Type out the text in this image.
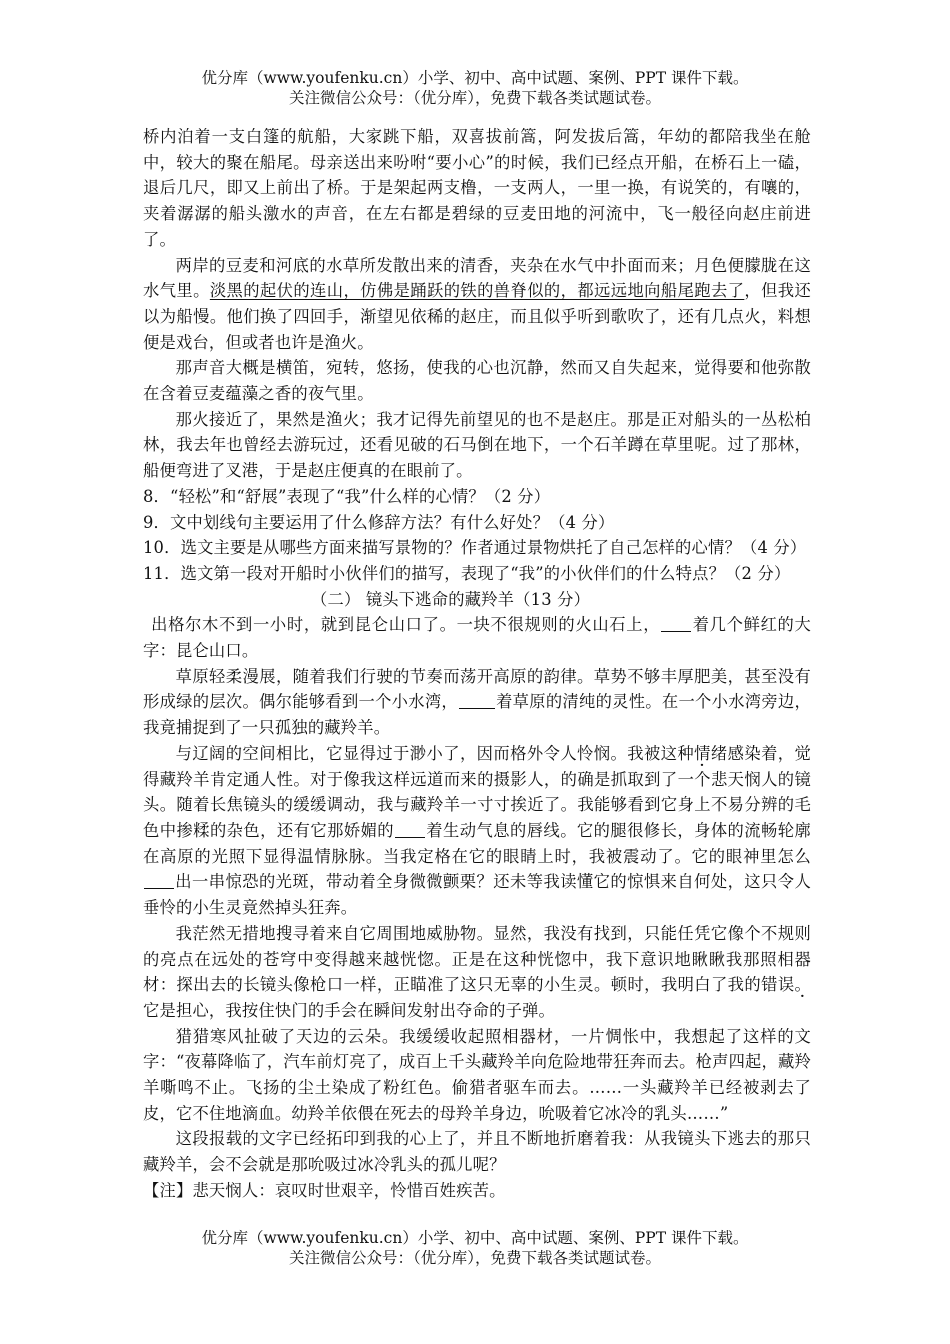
优分库（www.youfenku.cn）小学、初中、高中试题、案例、PPT 课件下载。
关注微信公众号：（优分库），免费下载各类试题试卷。

桥内泊着一支白篷的航船，大家跳下船，双喜拔前篙，阿发拔后篙，年幼的都陪我坐在舱中，较大的聚在船尾。母亲送出来吩咐“要小心”的时候，我们已经点开船，在桥石上一磕，退后几尺，即又上前出了桥。于是架起两支橹，一支两人，一里一换，有说笑的，有嚷的，夹着潺潺的船头激水的声音，在左右都是碧绿的豆麦田地的河流中，飞一般径向赵庄前进了。

两岸的豆麦和河底的水草所发散出来的清香，夹杂在水气中扑面而来；月色便朦胧在这水气里。淡黑的起伏的连山，仿佛是踊跃的铁的兽脊似的，都远远地向船尾跑去了，但我还以为船慢。他们换了四回手，渐望见依稀的赵庄，而且似乎听到歌吹了，还有几点火，料想便是戏台，但或者也许是渔火。

那声音大概是横笛，宛转，悠扬，使我的心也沉静，然而又自失起来，觉得要和他弥散在含着豆麦蕴藻之香的夜气里。

那火接近了，果然是渔火；我才记得先前望见的也不是赵庄。那是正对船头的一丛松柏林，我去年也曾经去游玩过，还看见破的石马倒在地下，一个石羊蹲在草里呢。过了那林，船便弯进了叉港，于是赵庄便真的在眼前了。

8．“轻松”和“舒展”表现了“我”什么样的心情？（2 分）

9．文中划线句主要运用了什么修辞方法？有什么好处？（4 分）

10．选文主要是从哪些方面来描写景物的？作者通过景物烘托了自己怎样的心情？（4 分）

11．选文第一段对开船时小伙伴们的描写，表现了“我”的小伙伴们的什么特点？（2 分）

（二） 镜头下逃命的藏羚羊（13 分）

出格尔木不到一小时，就到昆仑山口了。一块不很规则的火山石上， 着几个鲜红的大字：昆仑山口。

草原轻柔漫展，随着我们行驶的节奏而荡开高原的韵律。草势不够丰厚肥美，甚至没有形成绿的层次。偶尔能够看到一个小水湾， 着草原的清纯的灵性。在一个小水湾旁边，我竟捕捉到了一只孤独的藏羚羊。

与辽阔的空间相比，它显得过于渺小了，因而格外令人怜悯。我被这种情绪感染着，觉得藏羚羊肯定通人性。对于像我这样远道而来的摄影人，的确是抓取到了一个悲天悯人的镜头。随着长焦镜头的缓缓调动，我与藏羚羊一寸寸挨近了。我能够看到它身上不易分辨的毛色中掺糅的杂色，还有它那娇媚的 着生动气息的唇线。它的腿很修长，身体的流畅轮廓在高原的光照下显得温情脉脉。当我定格在它的眼睛上时，我被震动了。它的眼神里怎么出一串惊恐的光斑，带动着全身微微颤栗？还未等我读懂它的惊惧来自何处，这只令人垂怜的小生灵竟然掉头狂奔。

我茫然无措地搜寻着来自它周围地威胁物。显然，我没有找到，只能任凭它像个不规则的亮点在远处的苍穹中变得越来越恍惚。正是在这种恍惚中，我下意识地瞅瞅我那照相器材：探出去的长镜头像枪口一样，正瞄准了这只无辜的小生灵。顿时，我明白了我的错误。它是担心，我按住快门的手会在瞬间发射出夺命的子弹。

猎猎寒风扯破了天边的云朵。我缓缓收起照相器材，一片惆怅中，我想起了这样的文字：“夜幕降临了，汽车前灯亮了，成百上千头藏羚羊向危险地带狂奔而去。枪声四起，藏羚羊嘶鸣不止。飞扬的尘土染成了粉红色。偷猎者驱车而去。……一头藏羚羊已经被剥去了皮，它不住地滴血。幼羚羊依偎在死去的母羚羊身边，吮吸着它冰冷的乳头……”

这段报载的文字已经拓印到我的心上了，并且不断地折磨着我：从我镜头下逃去的那只藏羚羊，会不会就是那吮吸过冰冷乳头的孤儿呢？

【注】悲天悯人：哀叹时世艰辛，怜惜百姓疾苦。

优分库（www.youfenku.cn）小学、初中、高中试题、案例、PPT 课件下载。
关注微信公众号：（优分库），免费下载各类试题试卷。
